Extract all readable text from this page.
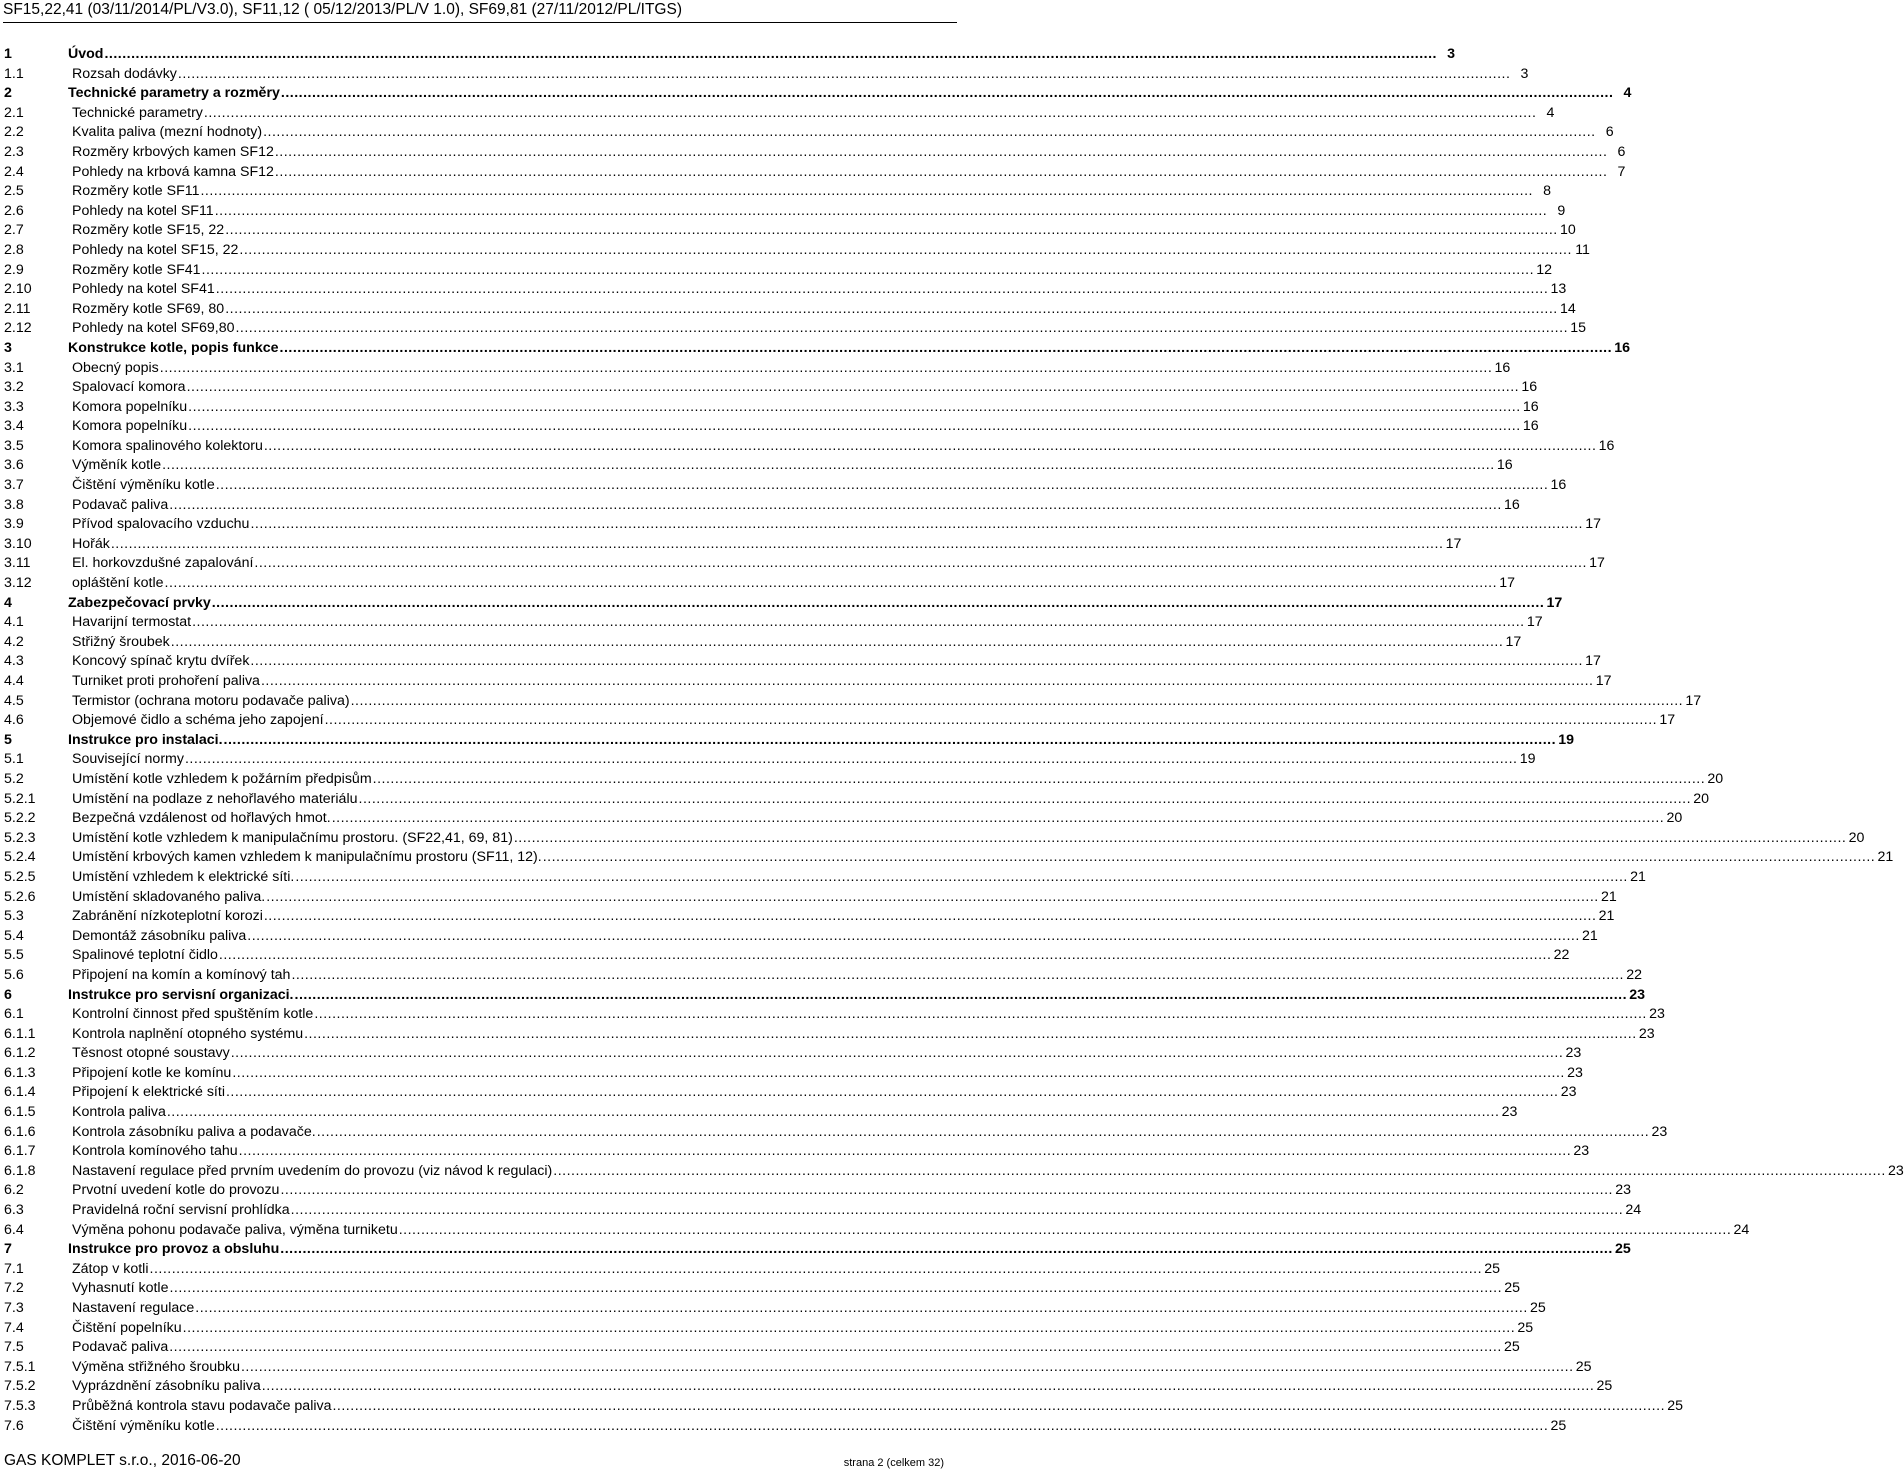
SF15,22,41 (03/11/2014/PL/V3.0), SF11,12 ( 05/12/2013/PL/V 1.0), SF69,81 (27/11/2012/PL/ITGS)
1	Úvod ............................................................................................................................................................................................................................................................................................................ 3
1.1	Rozsah dodávky ............................................................................................................................................................................................................................................................................................................ 3
2	Technické parametry a rozměry ............................................................................................................................................................................................................................................................................................................ 4
2.1	Technické parametry ............................................................................................................................................................................................................................................................................................................ 4
2.2	Kvalita paliva (mezní hodnoty) ............................................................................................................................................................................................................................................................................................................ 6
2.3	Rozměry krbových kamen SF12 ............................................................................................................................................................................................................................................................................................................ 6
2.4	Pohledy na krbová kamna SF12 ............................................................................................................................................................................................................................................................................................................ 7
2.5	Rozměry kotle SF11 ............................................................................................................................................................................................................................................................................................................ 8
2.6	Pohledy na kotel SF11 ............................................................................................................................................................................................................................................................................................................ 9
2.7	Rozměry kotle SF15, 22 ............................................................................................................................................................................................................................................................................................................ 10
2.8	Pohledy na kotel SF15, 22 ............................................................................................................................................................................................................................................................................................................ 11
2.9	Rozměry kotle SF41 ............................................................................................................................................................................................................................................................................................................ 12
2.10	Pohledy na kotel SF41 ............................................................................................................................................................................................................................................................................................................ 13
2.11	Rozměry kotle SF69, 80 ............................................................................................................................................................................................................................................................................................................ 14
2.12	Pohledy na kotel SF69,80 ............................................................................................................................................................................................................................................................................................................ 15
3	Konstrukce kotle, popis funkce ............................................................................................................................................................................................................................................................................................................ 16
3.1	Obecný popis ............................................................................................................................................................................................................................................................................................................ 16
3.2	Spalovací komora ............................................................................................................................................................................................................................................................................................................ 16
3.3	Komora popelníku ............................................................................................................................................................................................................................................................................................................ 16
3.4	Komora popelníku ............................................................................................................................................................................................................................................................................................................ 16
3.5	Komora spalinového kolektoru ............................................................................................................................................................................................................................................................................................................ 16
3.6	Výměník kotle ............................................................................................................................................................................................................................................................................................................ 16
3.7	Čištění výměníku kotle ............................................................................................................................................................................................................................................................................................................ 16
3.8	Podavač paliva ............................................................................................................................................................................................................................................................................................................ 16
3.9	Přívod spalovacího vzduchu ............................................................................................................................................................................................................................................................................................................ 17
3.10	Hořák ............................................................................................................................................................................................................................................................................................................ 17
3.11	El. horkovzdušné zapalování ............................................................................................................................................................................................................................................................................................................ 17
3.12	opláštění kotle ............................................................................................................................................................................................................................................................................................................ 17
4	Zabezpečovací prvky ............................................................................................................................................................................................................................................................................................................ 17
4.1	Havarijní termostat ............................................................................................................................................................................................................................................................................................................ 17
4.2	Střižný šroubek ............................................................................................................................................................................................................................................................................................................ 17
4.3	Koncový spínač krytu dvířek ............................................................................................................................................................................................................................................................................................................ 17
4.4	Turniket proti prohoření paliva ............................................................................................................................................................................................................................................................................................................ 17
4.5	Termistor (ochrana motoru podavače paliva) ............................................................................................................................................................................................................................................................................................................ 17
4.6	Objemové čidlo a schéma jeho zapojení ............................................................................................................................................................................................................................................................................................................ 17
5	Instrukce pro instalaci. ............................................................................................................................................................................................................................................................................................................ 19
5.1	Související normy ............................................................................................................................................................................................................................................................................................................ 19
5.2	Umístění kotle vzhledem k požárním předpisům ............................................................................................................................................................................................................................................................................................................ 20
5.2.1	Umístění na podlaze z nehořlavého materiálu ............................................................................................................................................................................................................................................................................................................ 20
5.2.2	Bezpečná vzdálenost od hořlavých hmot. ............................................................................................................................................................................................................................................................................................................ 20
5.2.3	Umístění kotle vzhledem k manipulačnímu prostoru. (SF22,41, 69, 81) ............................................................................................................................................................................................................................................................................................................ 20
5.2.4	Umístění krbových kamen vzhledem k manipulačnímu prostoru (SF11, 12). ............................................................................................................................................................................................................................................................................................................ 21
5.2.5	Umístění vzhledem k elektrické síti. ............................................................................................................................................................................................................................................................................................................ 21
5.2.6	Umístění skladovaného paliva. ............................................................................................................................................................................................................................................................................................................ 21
5.3	Zabránění nízkoteplotní korozi ............................................................................................................................................................................................................................................................................................................ 21
5.4	Demontáž zásobníku paliva ............................................................................................................................................................................................................................................................................................................ 21
5.5	Spalinové teplotní čidlo ............................................................................................................................................................................................................................................................................................................ 22
5.6	Připojení na komín a komínový tah ............................................................................................................................................................................................................................................................................................................ 22
6	Instrukce pro servisní organizaci. ............................................................................................................................................................................................................................................................................................................ 23
6.1	Kontrolní činnost před spuštěním kotle ............................................................................................................................................................................................................................................................................................................ 23
6.1.1	Kontrola naplnění otopného systému ............................................................................................................................................................................................................................................................................................................ 23
6.1.2	Těsnost otopné soustavy ............................................................................................................................................................................................................................................................................................................ 23
6.1.3	Připojení kotle ke komínu ............................................................................................................................................................................................................................................................................................................ 23
6.1.4	Připojení k elektrické síti ............................................................................................................................................................................................................................................................................................................ 23
6.1.5	Kontrola paliva ............................................................................................................................................................................................................................................................................................................ 23
6.1.6	Kontrola zásobníku paliva a podavače. ............................................................................................................................................................................................................................................................................................................ 23
6.1.7	Kontrola komínového tahu ............................................................................................................................................................................................................................................................................................................ 23
6.1.8	Nastavení regulace před prvním uvedením do provozu (viz návod k regulaci) ............................................................................................................................................................................................................................................................................................................ 23
6.2	Prvotní uvedení kotle do provozu ............................................................................................................................................................................................................................................................................................................ 23
6.3	Pravidelná roční servisní prohlídka ............................................................................................................................................................................................................................................................................................................ 24
6.4	Výměna pohonu podavače paliva, výměna turniketu ............................................................................................................................................................................................................................................................................................................ 24
7	Instrukce pro provoz a obsluhu ............................................................................................................................................................................................................................................................................................................ 25
7.1	Zátop v kotli ............................................................................................................................................................................................................................................................................................................ 25
7.2	Vyhasnutí kotle ............................................................................................................................................................................................................................................................................................................ 25
7.3	Nastavení regulace ............................................................................................................................................................................................................................................................................................................ 25
7.4	Čištění popelníku ............................................................................................................................................................................................................................................................................................................ 25
7.5	Podavač paliva ............................................................................................................................................................................................................................................................................................................ 25
7.5.1	Výměna střižného šroubku ............................................................................................................................................................................................................................................................................................................ 25
7.5.2	Vyprázdnění zásobníku paliva ............................................................................................................................................................................................................................................................................................................ 25
7.5.3	Průběžná kontrola stavu podavače paliva ............................................................................................................................................................................................................................................................................................................ 25
7.6	Čištění výměníku kotle ............................................................................................................................................................................................................................................................................................................ 25
GAS KOMPLET s.r.o., 2016-06-20	strana 2 (celkem 32)
